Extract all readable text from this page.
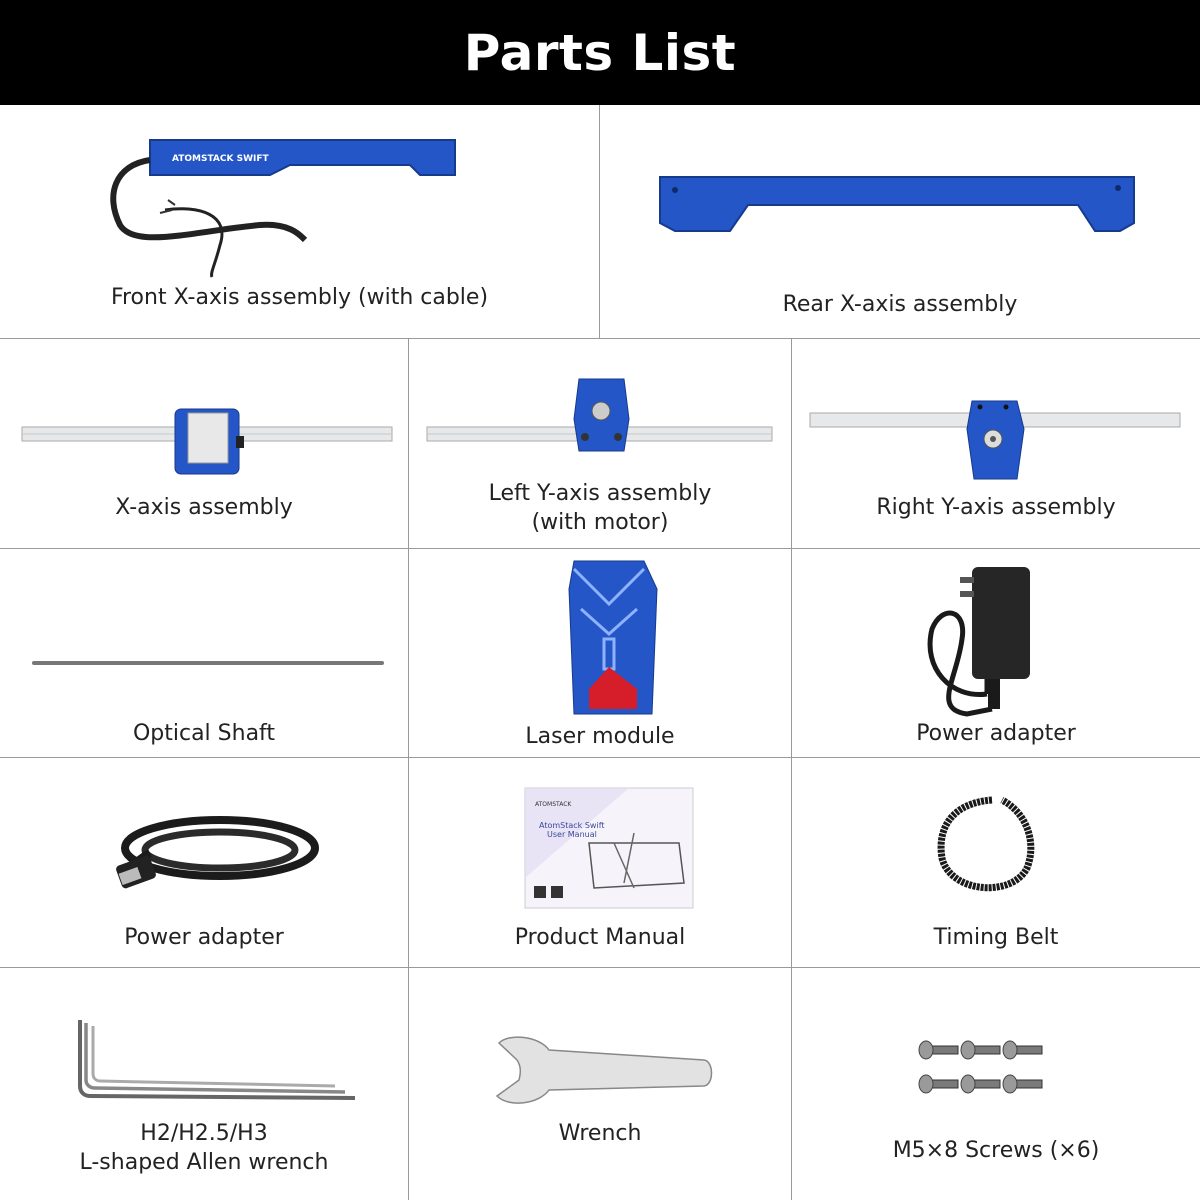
Parts List
ATOMSTACK SWIFT
Front X-axis assembly (with cable)	Rear X-axis assembly
X-axis assembly
Left Y-axis assembly
(with motor)
Right Y-axis assembly
Optical Shaft	Laser module	Power adapter
Power adapter
ATOMSTACK
AtomStack Swift
User Manual
Product Manual	Timing Belt
H2/H2.5/H3
L-shaped Allen wrench
Wrench
M5×8 Screws (×6)
